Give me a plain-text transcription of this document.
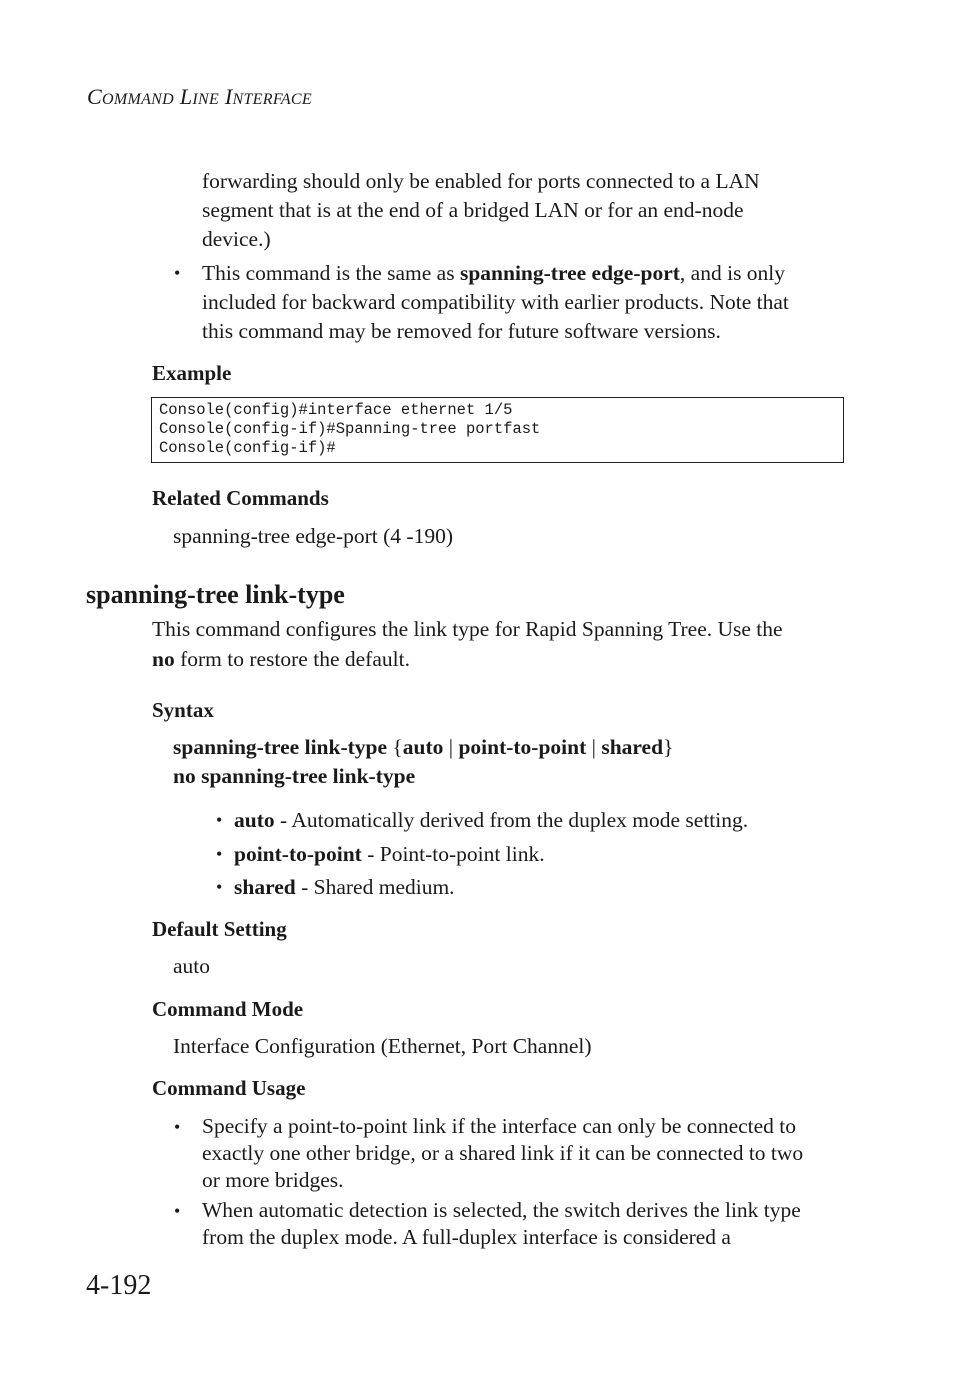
COMMAND LINE INTERFACE
forwarding should only be enabled for ports connected to a LAN
segment that is at the end of a bridged LAN or for an end-node
device.)
• This command is the same as spanning-tree edge-port, and is only
included for backward compatibility with earlier products. Note that
this command may be removed for future software versions.
Example
Console(config)#interface ethernet 1/5
Console(config-if)#Spanning-tree portfast
Console(config-if)#
Related Commands
spanning-tree edge-port (4 -190)
spanning-tree link-type
This command configures the link type for Rapid Spanning Tree. Use the
no form to restore the default.
Syntax
spanning-tree link-type {auto | point-to-point | shared}
no spanning-tree link-type
• auto - Automatically derived from the duplex mode setting.
• point-to-point - Point-to-point link.
• shared - Shared medium.
Default Setting
auto
Command Mode
Interface Configuration (Ethernet, Port Channel)
Command Usage
• Specify a point-to-point link if the interface can only be connected to
exactly one other bridge, or a shared link if it can be connected to two
or more bridges.
• When automatic detection is selected, the switch derives the link type
from the duplex mode. A full-duplex interface is considered a
4-192
